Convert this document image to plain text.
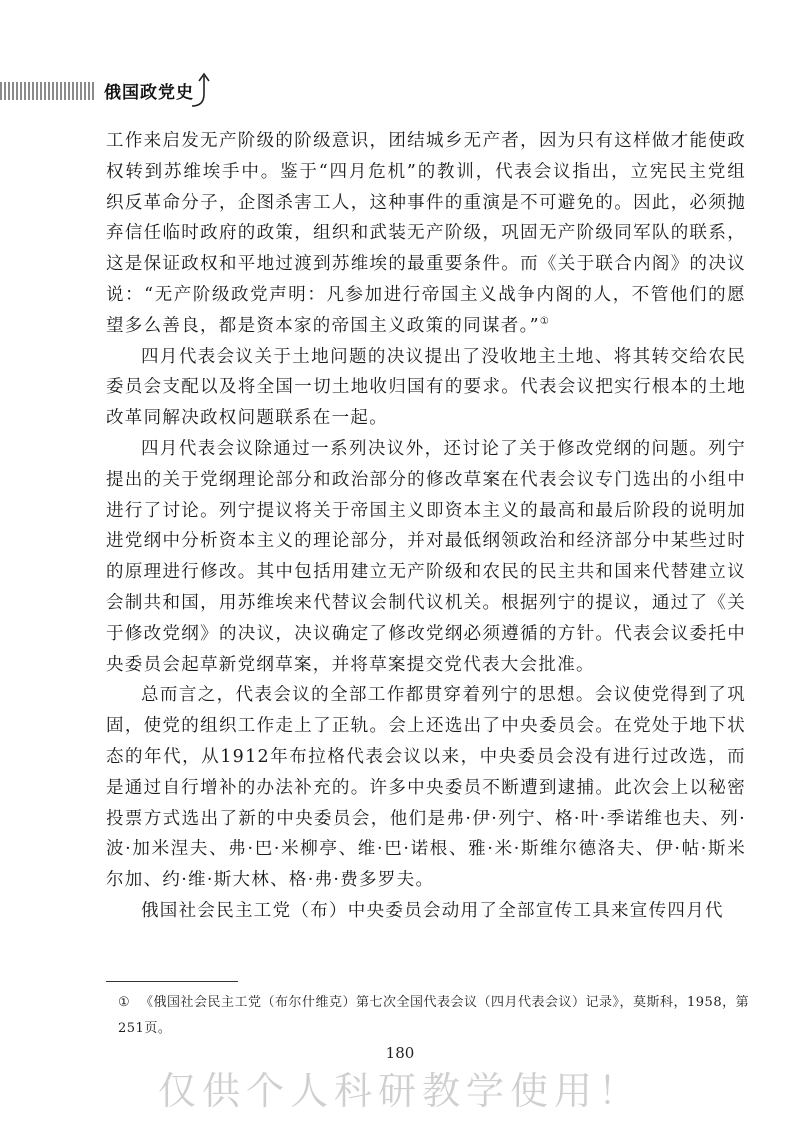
俄国政党史

工作来启发无产阶级的阶级意识，团结城乡无产者，因为只有这样做才能使政权转到苏维埃手中。鉴于“四月危机”的教训，代表会议指出，立宪民主党组织反革命分子，企图杀害工人，这种事件的重演是不可避免的。因此，必须抛弃信任临时政府的政策，组织和武装无产阶级，巩固无产阶级同军队的联系，这是保证政权和平地过渡到苏维埃的最重要条件。而《关于联合内阁》的决议说：“无产阶级政党声明：凡参加进行帝国主义战争内阁的人，不管他们的愿望多么善良，都是资本家的帝国主义政策的同谋者。”①

四月代表会议关于土地问题的决议提出了没收地主土地、将其转交给农民委员会支配以及将全国一切土地收归国有的要求。代表会议把实行根本的土地改革同解决政权问题联系在一起。

四月代表会议除通过一系列决议外，还讨论了关于修改党纲的问题。列宁提出的关于党纲理论部分和政治部分的修改草案在代表会议专门选出的小组中进行了讨论。列宁提议将关于帝国主义即资本主义的最高和最后阶段的说明加进党纲中分析资本主义的理论部分，并对最低纲领政治和经济部分中某些过时的原理进行修改。其中包括用建立无产阶级和农民的民主共和国来代替建立议会制共和国，用苏维埃来代替议会制代议机关。根据列宁的提议，通过了《关于修改党纲》的决议，决议确定了修改党纲必须遵循的方针。代表会议委托中央委员会起草新党纲草案，并将草案提交党代表大会批准。

总而言之，代表会议的全部工作都贯穿着列宁的思想。会议使党得到了巩固，使党的组织工作走上了正轨。会上还选出了中央委员会。在党处于地下状态的年代，从1912年布拉格代表会议以来，中央委员会没有进行过改选，而是通过自行增补的办法补充的。许多中央委员不断遭到逮捕。此次会上以秘密投票方式选出了新的中央委员会，他们是弗·伊·列宁、格·叶·季诺维也夫、列·波·加米涅夫、弗·巴·米柳亭、维·巴·诺根、雅·米·斯维尔德洛夫、伊·帖·斯米尔加、约·维·斯大林、格·弗·费多罗夫。

俄国社会民主工党（布）中央委员会动用了全部宣传工具来宣传四月代

① 《俄国社会民主工党（布尔什维克）第七次全国代表会议（四月代表会议）记录》，莫斯科，1958，第251页。
180
仅供个人科研教学使用！
